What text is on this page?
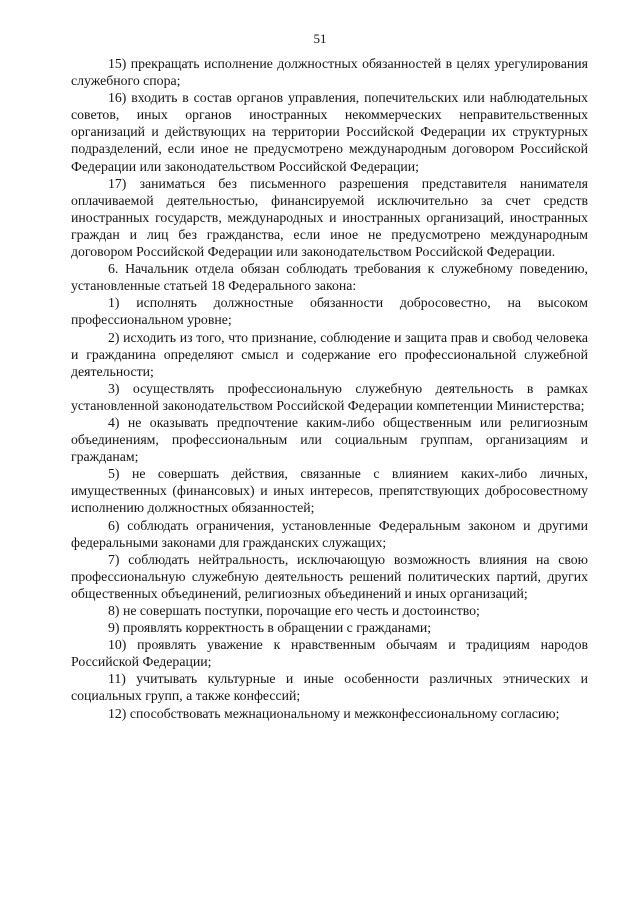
51

15) прекращать исполнение должностных обязанностей в целях урегулирования служебного спора;

16) входить в состав органов управления, попечительских или наблюдательных советов, иных органов иностранных некоммерческих неправительственных организаций и действующих на территории Российской Федерации их структурных подразделений, если иное не предусмотрено международным договором Российской Федерации или законодательством Российской Федерации;

17) заниматься без письменного разрешения представителя нанимателя оплачиваемой деятельностью, финансируемой исключительно за счет средств иностранных государств, международных и иностранных организаций, иностранных граждан и лиц без гражданства, если иное не предусмотрено международным договором Российской Федерации или законодательством Российской Федерации.

6. Начальник отдела обязан соблюдать требования к служебному поведению, установленные статьей 18 Федерального закона:

1) исполнять должностные обязанности добросовестно, на высоком профессиональном уровне;

2) исходить из того, что признание, соблюдение и защита прав и свобод человека и гражданина определяют смысл и содержание его профессиональной служебной деятельности;

3) осуществлять профессиональную служебную деятельность в рамках установленной законодательством Российской Федерации компетенции Министерства;

4) не оказывать предпочтение каким-либо общественным или религиозным объединениям, профессиональным или социальным группам, организациям и гражданам;

5) не совершать действия, связанные с влиянием каких-либо личных, имущественных (финансовых) и иных интересов, препятствующих добросовестному исполнению должностных обязанностей;

6) соблюдать ограничения, установленные Федеральным законом и другими федеральными законами для гражданских служащих;

7) соблюдать нейтральность, исключающую возможность влияния на свою профессиональную служебную деятельность решений политических партий, других общественных объединений, религиозных объединений и иных организаций;

8) не совершать поступки, порочащие его честь и достоинство;

9) проявлять корректность в обращении с гражданами;

10) проявлять уважение к нравственным обычаям и традициям народов Российской Федерации;

11) учитывать культурные и иные особенности различных этнических и социальных групп, а также конфессий;

12) способствовать межнациональному и межконфессиональному согласию;
